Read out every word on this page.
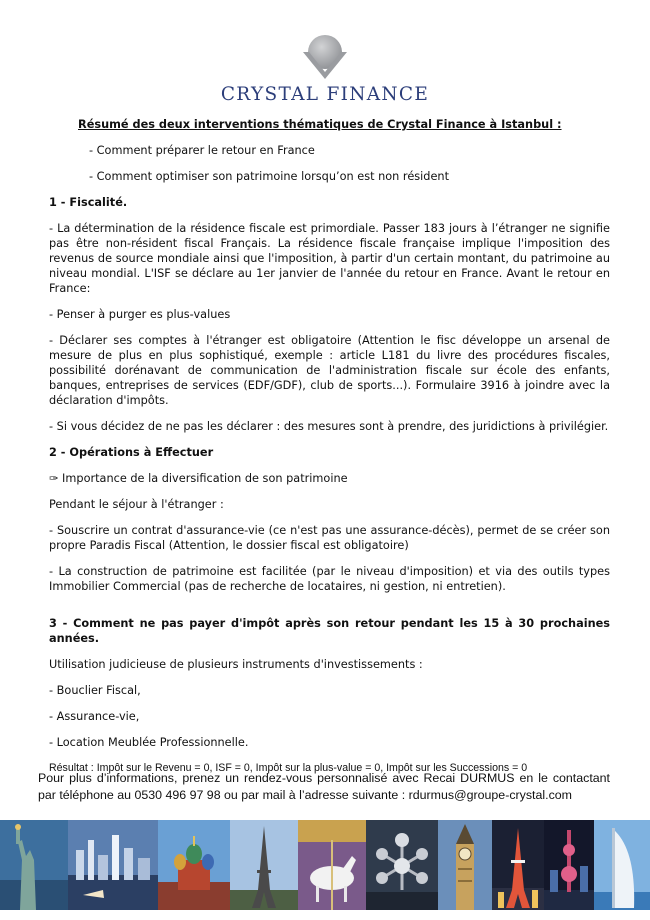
CRYSTAL FINANCE
Résumé des deux interventions thématiques de Crystal Finance à Istanbul :
- Comment préparer le retour en France
- Comment optimiser son patrimoine lorsqu’on est non résident
1 - Fiscalité.
- La détermination de la résidence fiscale est primordiale. Passer 183 jours à l’étranger ne signifie pas être non-résident fiscal Français. La résidence fiscale française implique l'imposition des revenus de source mondiale ainsi que l'imposition, à partir d'un certain montant, du patrimoine au niveau mondial. L'ISF se déclare au 1er janvier de l'année du retour en France. Avant le retour en France:
- Penser à purger es plus-values
- Déclarer ses comptes à l'étranger est obligatoire (Attention le fisc développe un arsenal de mesure de plus en plus sophistiqué, exemple : article L181 du livre des procédures fiscales, possibilité dorénavant de communication de l'administration fiscale sur école des enfants, banques, entreprises de services (EDF/GDF), club de sports...). Formulaire 3916 à joindre avec la déclaration d'impôts.
- Si vous décidez de ne pas les déclarer : des mesures sont à prendre, des juridictions à privilégier.
2 - Opérations à Effectuer
✑ Importance de la diversification de son patrimoine
Pendant le séjour à l'étranger :
- Souscrire un contrat d'assurance-vie (ce n'est pas une assurance-décès), permet de se créer son propre Paradis Fiscal (Attention, le dossier fiscal est obligatoire)
- La construction de patrimoine est facilitée (par le niveau d'imposition) et via des outils types Immobilier Commercial (pas de recherche de locataires, ni gestion, ni entretien).
3 - Comment ne pas payer d'impôt après son retour pendant les 15 à 30 prochaines années.
Utilisation judicieuse de plusieurs instruments d'investissements :
- Bouclier Fiscal,
- Assurance-vie,
- Location Meublée Professionnelle.
Résultat : Impôt sur le Revenu = 0, ISF = 0, Impôt sur la plus-value = 0, Impôt sur les Successions = 0
Pour plus d’informations, prenez un rendez-vous personnalisé avec Recai DURMUS en le contactant par téléphone au 0530 496 97 98 ou par mail à l’adresse suivante : rdurmus@groupe-crystal.com
